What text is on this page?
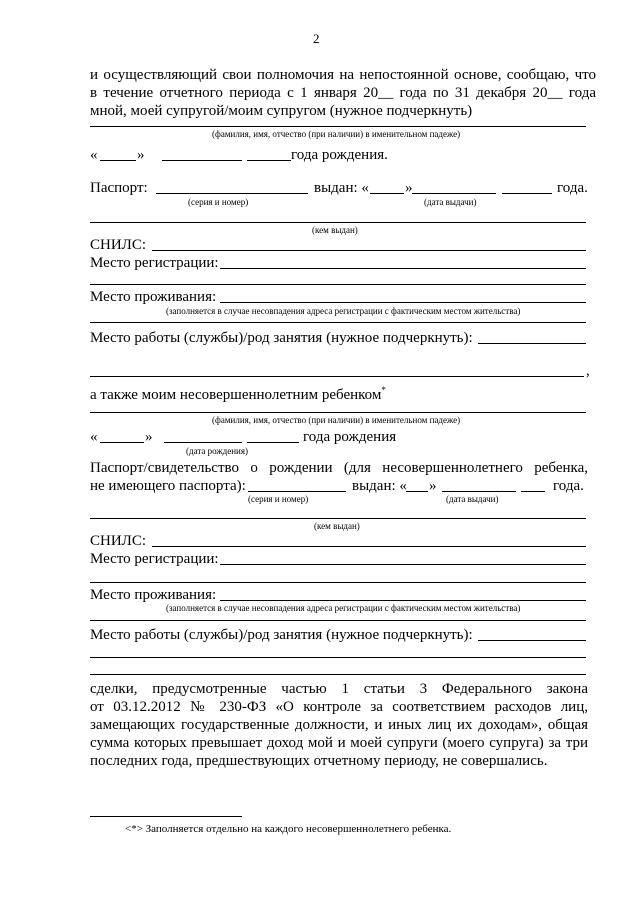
2
и осуществляющий свои полномочия на непостоянной основе, сообщаю, что
в течение отчетного периода с 1 января 20__ года по 31 декабря 20__ года
мной, моей супругой/моим супругом (нужное подчеркнуть)
(фамилия, имя, отчество (при наличии) в именительном падеже)
«	»	года рождения.
Паспорт:	выдан: « »	года.
(серия и номер)	(дата выдачи)
(кем выдан)
СНИЛС:
Место регистрации:
Место проживания:
(заполняется в случае несовпадения адреса регистрации с фактическим местом жительства)
Место работы (службы)/род занятия (нужное подчеркнуть):
,
а также моим несовершеннолетним ребенком*
(фамилия, имя, отчество (при наличии) в именительном падеже)
«	»	года рождения
(дата рождения)
Паспорт/свидетельство о рождении (для несовершеннолетнего ребенка,
не имеющего паспорта):	выдан: « »	года.
(серия и номер)	(дата выдачи)
(кем выдан)
СНИЛС:
Место регистрации:
Место проживания:
(заполняется в случае несовпадения адреса регистрации с фактическим местом жительства)
Место работы (службы)/род занятия (нужное подчеркнуть):
сделки, предусмотренные частью 1 статьи 3 Федерального закона
от 03.12.2012 № 230-ФЗ «О контроле за соответствием расходов лиц,
замещающих государственные должности, и иных лиц их доходам», общая
сумма которых превышает доход мой и моей супруги (моего супруга) за три
последних года, предшествующих отчетному периоду, не совершались.
<*> Заполняется отдельно на каждого несовершеннолетнего ребенка.
